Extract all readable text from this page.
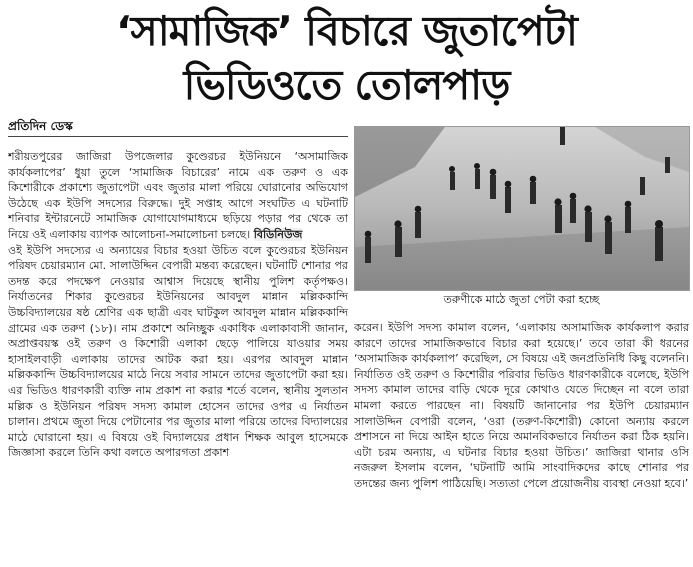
‘সামাজিক’ বিচারে জুতাপেটা
ভিডিওতে তোলপাড়
প্রতিদিন ডেস্ক

শরীয়তপুরের জাজিরা উপজেলার কুণ্ডেরচর ইউনিয়নে ‘অসামাজিক কার্যকলাপের’ ধুয়া তুলে ‘সামাজিক বিচারের’ নামে এক তরুণ ও এক কিশোরীকে প্রকাশ্যে জুতাপেটা এবং জুতার মালা পরিয়ে ঘোরানোর অভিযোগ উঠেছে এক ইউপি সদস্যের বিরুদ্ধে। দুই সপ্তাহ আগে সংঘটিত এ ঘটনাটি শনিবার ইন্টারনেটে সামাজিক যোগাযোগমাধ্যমে ছড়িয়ে পড়ার পর থেকে তা নিয়ে ওই এলাকায় ব্যাপক আলোচনা-সমালোচনা চলছে। বিডিনিউজ

ওই ইউপি সদস্যের এ অন্যায়ের বিচার হওয়া উচিত বলে কুণ্ডেরচর ইউনিয়ন পরিষদ চেয়ারম্যান মো. সালাউদ্দিন বেপারী মন্তব্য করেছেন। ঘটনাটি শোনার পর তদন্ত করে পদক্ষেপ নেওয়ার আশ্বাস দিয়েছে স্থানীয় পুলিশ কর্তৃপক্ষও। নির্যাতনের শিকার কুণ্ডেরচর ইউনিয়নের আবদুল মান্নান মল্লিককান্দি উচ্চবিদ্যালয়ের ষষ্ঠ শ্রেণির এক ছাত্রী এবং ঘাটকুল আবদুল মান্নান মল্লিককান্দি গ্রামের এক তরুণ (১৮)। নাম প্রকাশে অনিচ্ছুক একাধিক এলাকাবাসী জানান, অপ্রাপ্তবয়স্ক ওই তরুণ ও কিশোরী এলাকা ছেড়ে পালিয়ে যাওয়ার সময় হাসাইলবাড়ী এলাকায় তাদের আটক করা হয়। এরপর আবদুল মান্নান মল্লিককান্দি উচ্চবিদ্যালয়ের মাঠে নিয়ে সবার সামনে তাদের জুতাপেটা করা হয়। এর ভিডিও ধারণকারী ব্যক্তি নাম প্রকাশ না করার শর্তে বলেন, স্থানীয় সুলতান মল্লিক ও ইউনিয়ন পরিষদ সদস্য কামাল হোসেন তাদের ওপর এ নির্যাতন চালান। প্রথমে জুতা দিয়ে পেটানোর পর জুতার মালা পরিয়ে তাদের বিদ্যালয়ের মাঠে ঘোরানো হয়। এ বিষয়ে ওই বিদ্যালয়ের প্রধান শিক্ষক আবুল হাসেমকে জিজ্ঞাসা করলে তিনি কথা বলতে অপারগতা প্রকাশ

তরুণীকে মাঠে জুতা পেটা করা হচ্ছে

করেন। ইউপি সদস্য কামাল বলেন, ‘এলাকায় অসামাজিক কার্যকলাপ করার কারণে তাদের সামাজিকভাবে বিচার করা হয়েছে।’ তবে তারা কী ধরনের ‘অসামাজিক কার্যকলাপ’ করেছিল, সে বিষয়ে এই জনপ্রতিনিধি কিছু বলেননি। নির্যাতিত ওই তরুণ ও কিশোরীর পরিবার ভিডিও ধারণকারীকে বলেছে, ইউপি সদস্য কামাল তাদের বাড়ি থেকে দূরে কোথাও যেতে দিচ্ছেন না বলে তারা মামলা করতে পারছেন না। বিষয়টি জানানোর পর ইউপি চেয়ারম্যান সালাউদ্দিন বেপারী বলেন, ‘ওরা (তরুণ-কিশোরী) কোনো অন্যায় করলে প্রশাসনে না দিয়ে আইন হাতে নিয়ে অমানবিকভাবে নির্যাতন করা ঠিক হয়নি। এটা চরম অন্যায়, এ ঘটনার বিচার হওয়া উচিত।’ জাজিরা থানার ওসি নজরুল ইসলাম বলেন, ‘ঘটনাটি আমি সাংবাদিকদের কাছে শোনার পর তদন্তের জন্য পুলিশ পাঠিয়েছি। সত্যতা পেলে প্রয়োজনীয় ব্যবস্থা নেওয়া হবে।’
